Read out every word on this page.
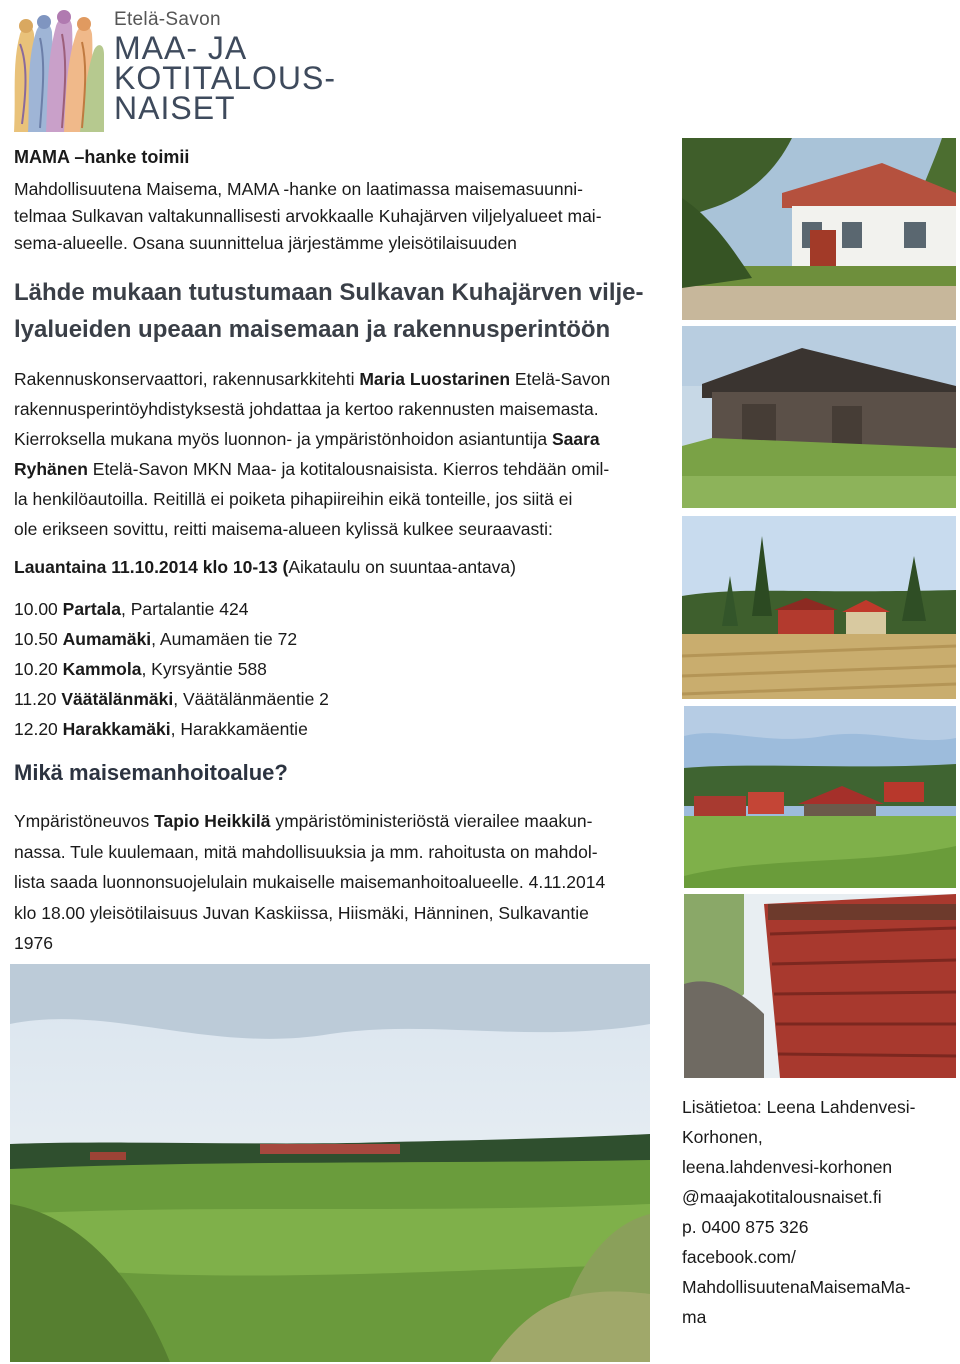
Etelä-Savon
MAA- JA
KOTITALOUS-
NAISET
MAMA –hanke toimii
Mahdollisuutena Maisema, MAMA -hanke on laatimassa maisemasuunni-
telmaa Sulkavan valtakunnallisesti arvokkaalle Kuhajärven viljelyalueet mai-
sema-alueelle. Osana suunnittelua järjestämme yleisötilaisuuden
Lähde mukaan tutustumaan Sulkavan Kuhajärven vilje-
lyalueiden upeaan maisemaan ja rakennusperintöön
Rakennuskonservaattori, rakennusarkkitehti Maria Luostarinen Etelä-Savon
rakennusperintöyhdistyksestä johdattaa ja kertoo rakennusten maisemasta.
Kierroksella mukana myös luonnon- ja ympäristönhoidon asiantuntija Saara
Ryhänen Etelä-Savon MKN Maa- ja kotitalousnaisista. Kierros tehdään omil-
la henkilöautoilla. Reitillä ei poiketa pihapiireihin eikä tonteille, jos siitä ei
ole erikseen sovittu, reitti maisema-alueen kylissä kulkee seuraavasti:
Lauantaina 11.10.2014 klo 10-13 (Aikataulu on suuntaa-antava)
10.00 Partala, Partalantie 424
10.50 Aumamäki, Aumamäen tie 72
10.20 Kammola, Kyrsyäntie 588
11.20 Väätälänmäki, Väätälänmäentie 2
12.20 Harakkamäki, Harakkamäentie
Mikä maisemanhoitoalue?
Ympäristöneuvos Tapio Heikkilä ympäristöministeriöstä vierailee maakun-
nassa. Tule kuulemaan, mitä mahdollisuuksia ja mm. rahoitusta on mahdol-
lista saada luonnonsuojelulain mukaiselle maisemanhoitoalueelle. 4.11.2014
klo 18.00 yleisötilaisuus Juvan Kaskiissa, Hiismäki, Hänninen, Sulkavantie
1976
Lisätietoa: Leena Lahdenvesi-
Korhonen,
leena.lahdenvesi-korhonen
@maajakotitalousnaiset.fi
p. 0400 875 326
facebook.com/
MahdollisuutenaMaisemaMa-
ma
